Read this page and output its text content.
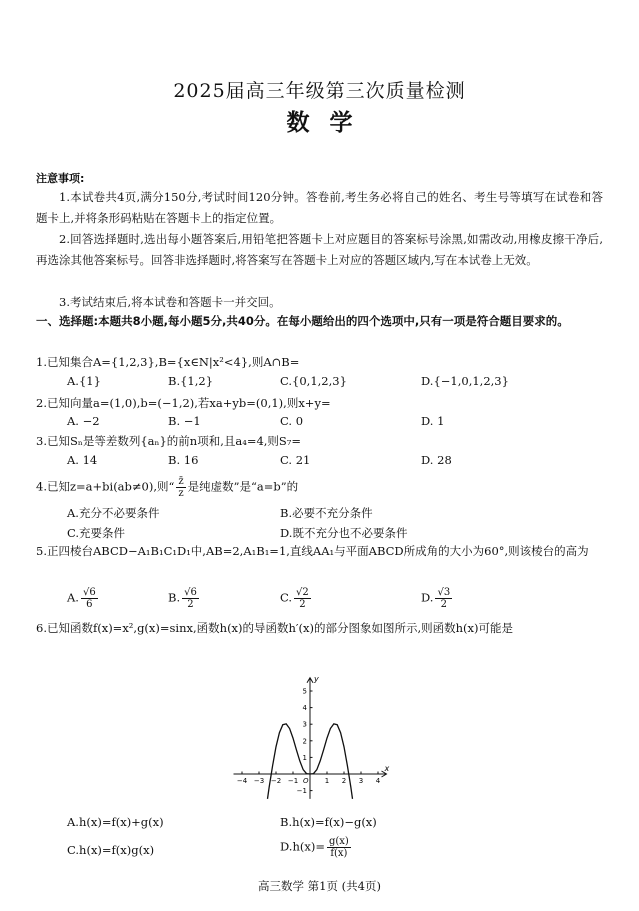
2025届高三年级第三次质量检测
数学
注意事项:
1.本试卷共4页,满分150分,考试时间120分钟。答卷前,考生务必将自己的姓名、考生号等填写在试卷和答题卡上,并将条形码粘贴在答题卡上的指定位置。
2.回答选择题时,选出每小题答案后,用铅笔把答题卡上对应题目的答案标号涂黑,如需改动,用橡皮擦干净后,再选涂其他答案标号。回答非选择题时,将答案写在答题卡上对应的答题区域内,写在本试卷上无效。
3.考试结束后,将本试卷和答题卡一并交回。
一、选择题:本题共8小题,每小题5分,共40分。在每小题给出的四个选项中,只有一项是符合题目要求的。
1.已知集合A={1,2,3},B={x∈N|x²<4},则A∩B=
A.{1}	B.{1,2}	C.{0,1,2,3}	D.{−1,0,1,2,3}
2.已知向量a=(1,0),b=(−1,2),若xa+yb=(0,1),则x+y=
A. −2	B. −1	C. 0	D. 1
3.已知Sₙ是等差数列{aₙ}的前n项和,且a₄=4,则S₇=
A. 14	B. 16	C. 21	D. 28
4.已知z=a+bi(ab≠0),则“ $\frac{z̄}{z}$ 是纯虚数”是“a=b”的
A.充分不必要条件	B.必要不充分条件
C.充要条件	D.既不充分也不必要条件
5.正四棱台ABCD−A₁B₁C₁D₁中,AB=2,A₁B₁=1,直线AA₁与平面ABCD所成角的大小为60°,则该棱台的高为
A. $\frac{√6}{6}$	B. $\frac{√6}{2}$	C. $\frac{√2}{2}$	D. $\frac{√3}{2}$
6.已知函数f(x)=x²,g(x)=sinx,函数h(x)的导函数h′(x)的部分图象如图所示,则函数h(x)可能是
x
y
O
−4 −3 −2 −1	1 2 3 4
−1
1
2
3
4
5
A.h(x)=f(x)+g(x)	B.h(x)=f(x)−g(x)
C.h(x)=f(x)g(x)	$D.h(x)= \frac{g(x)}{f(x)}$
高三数学 第1页 (共4页)
